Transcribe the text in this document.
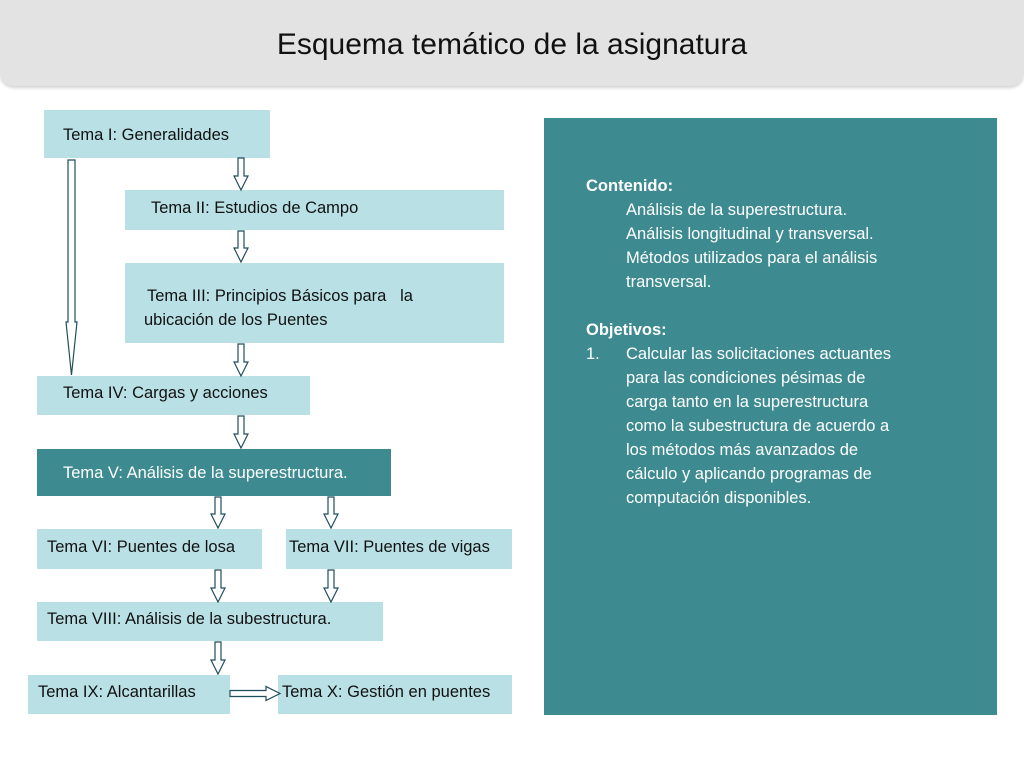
Esquema temático de la asignatura
Tema I: Generalidades
Tema II: Estudios de Campo
Tema III: Principios Básicos para   la
ubicación de los Puentes
Tema IV: Cargas y acciones
Tema V: Análisis de la superestructura.
Tema VI: Puentes de losa	Tema VII: Puentes de vigas
Tema VIII: Análisis de la subestructura.
Tema IX: Alcantarillas	Tema X: Gestión en puentes
Contenido:
Análisis de la superestructura.
Análisis longitudinal y transversal.
Métodos utilizados para el análisis
transversal.
Objetivos:
1. Calcular las solicitaciones actuantes
para las condiciones pésimas de
carga tanto en la superestructura
como la subestructura de acuerdo a
los métodos más avanzados de
cálculo y aplicando programas de
computación disponibles.
